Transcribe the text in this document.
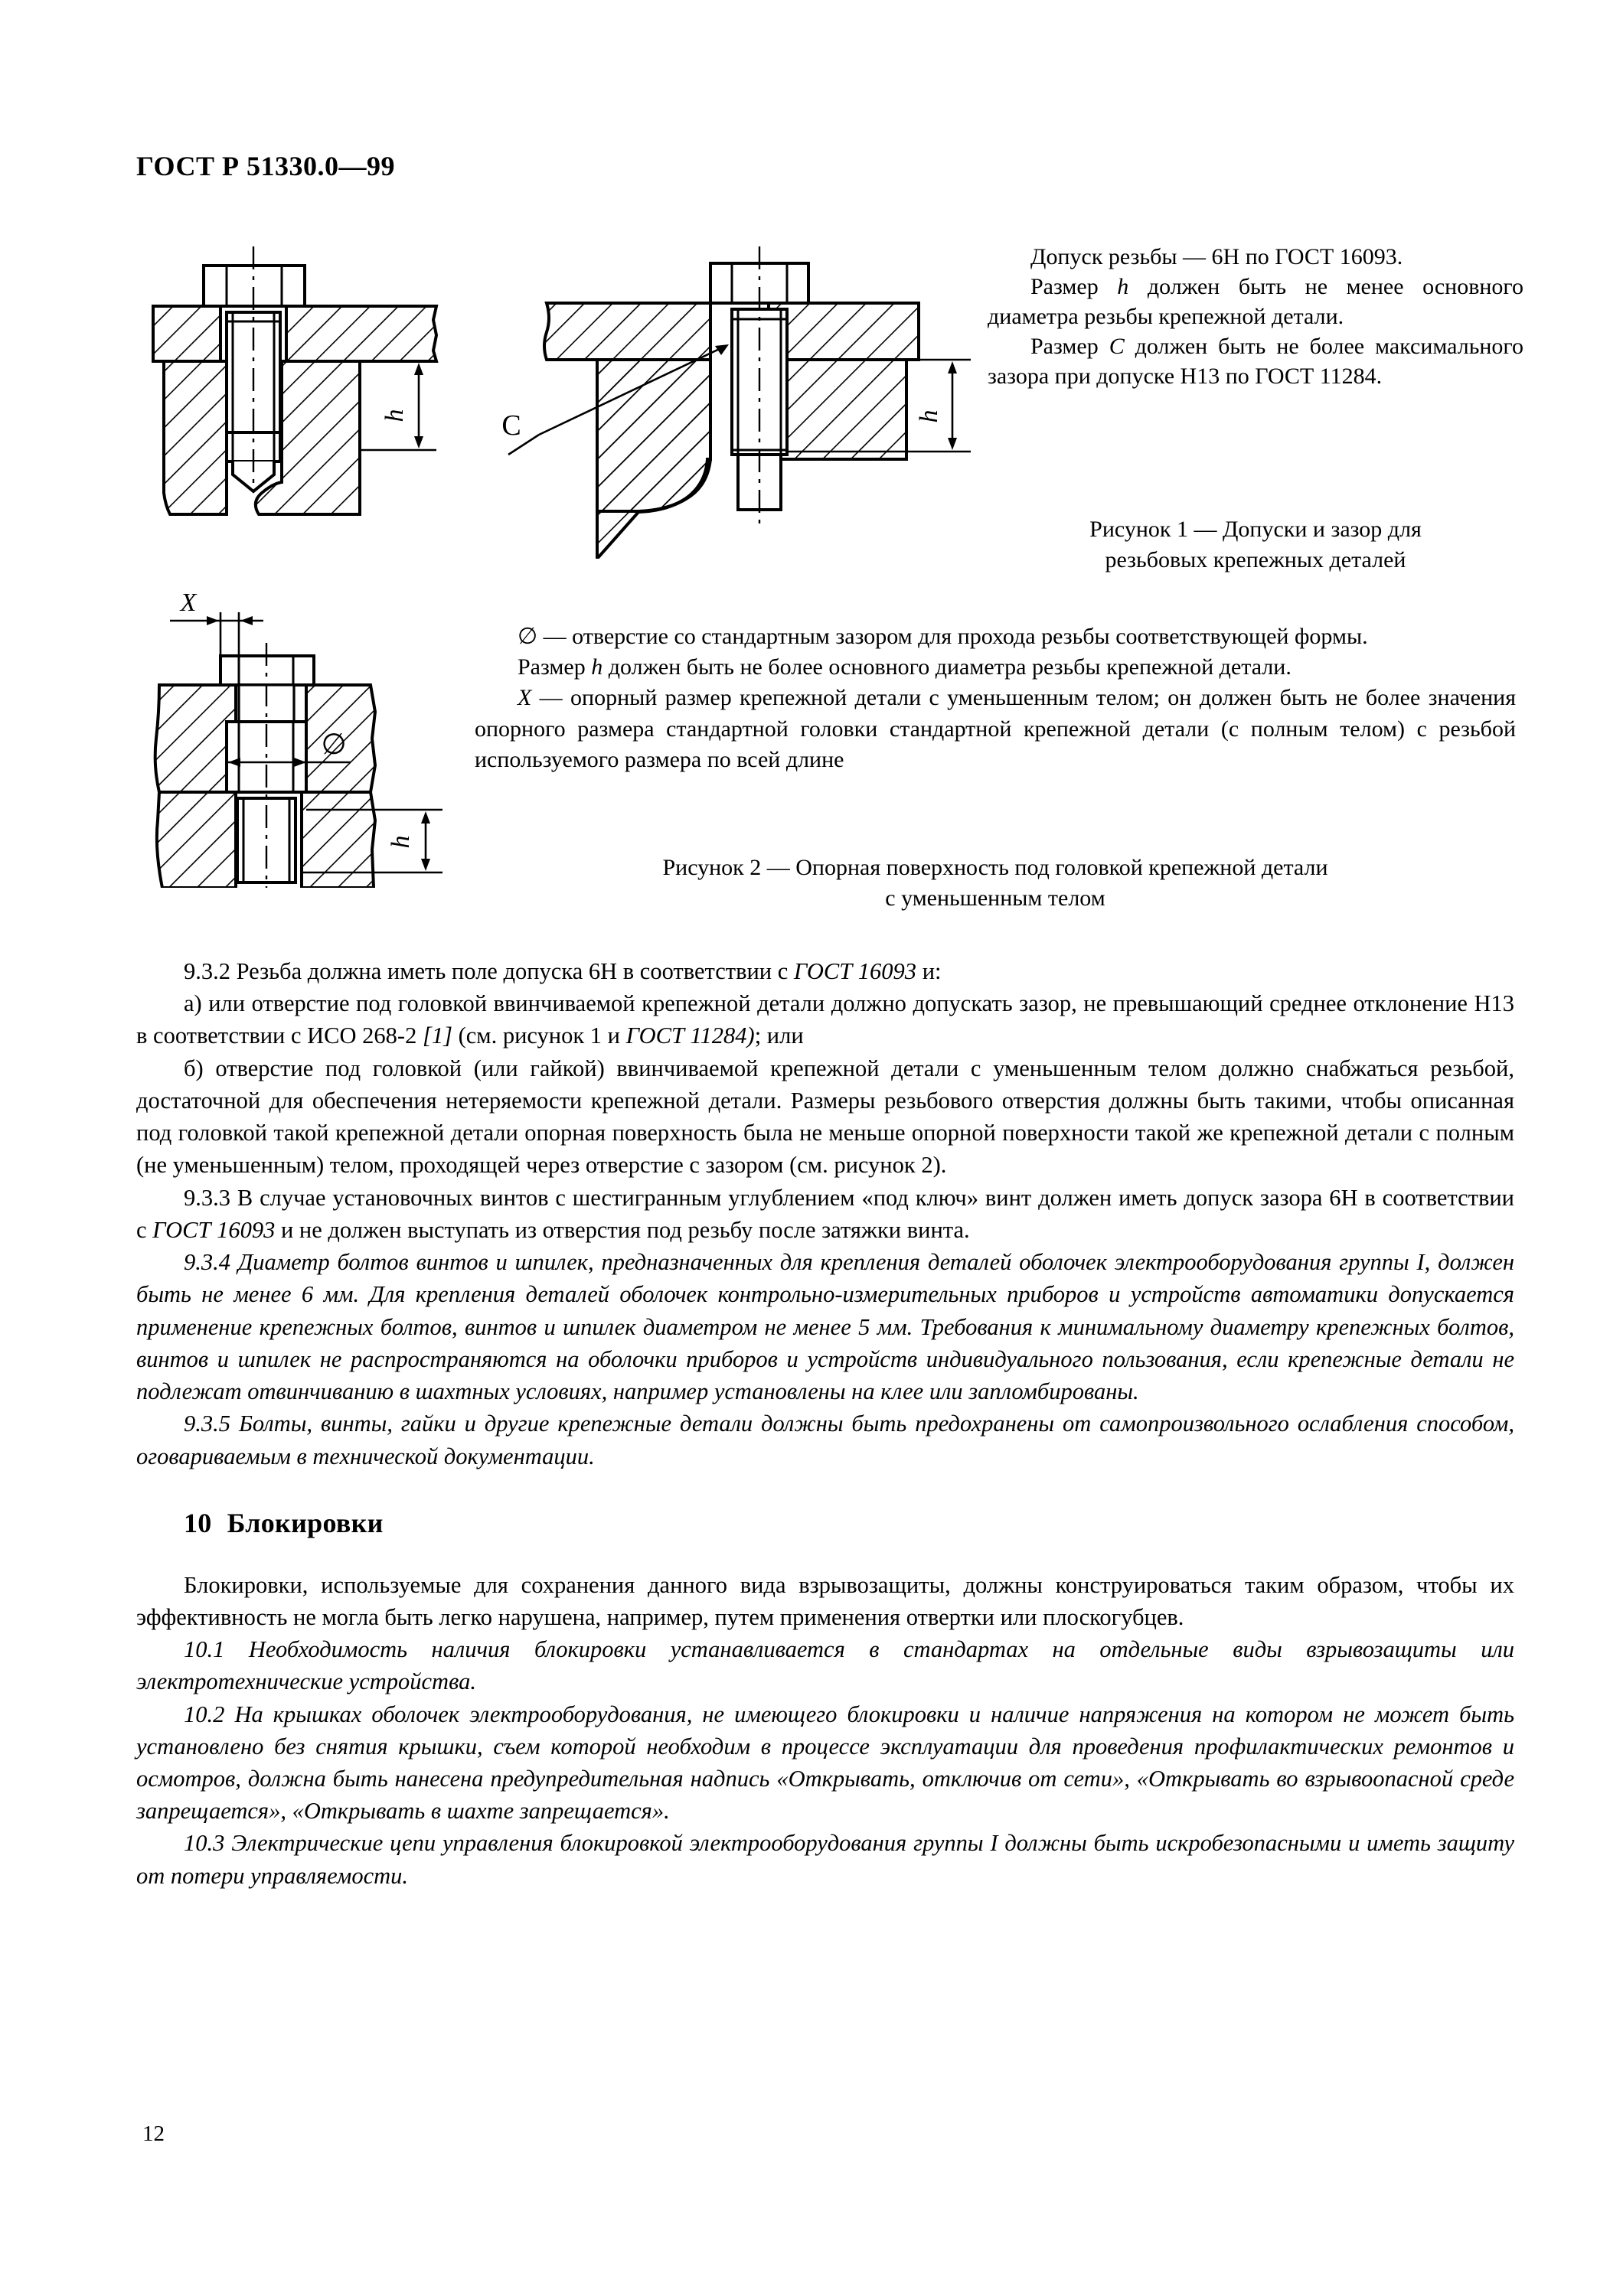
ГОСТ Р 51330.0—99
h	C	h

Допуск резьбы — 6Н по ГОСТ 16093.

Размер h должен быть не менее основного диаметра резьбы крепежной детали.

Размер C должен быть не более максимального зазора при допуске Н13 по ГОСТ 11284.

Рисунок 1 — Допуски и зазор для
резьбовых крепежных деталей
X
∅
h

∅ — отверстие со стандартным зазором для прохода резьбы соответствующей формы.

Размер h должен быть не более основного диаметра резьбы крепежной детали.

X — опорный размер крепежной детали с уменьшенным телом; он должен быть не более значения опорного размера стандартной головки стандартной крепежной детали (с полным телом) с резьбой используемого размера по всей длине

Рисунок 2 — Опорная поверхность под головкой крепежной детали
с уменьшенным телом

9.3.2 Резьба должна иметь поле допуска 6Н в соответствии с ГОСТ 16093 и:

а) или отверстие под головкой ввинчиваемой крепежной детали должно допускать зазор, не превышающий среднее отклонение Н13 в соответствии с ИСО 268-2 [1] (см. рисунок 1 и ГОСТ 11284); или

б) отверстие под головкой (или гайкой) ввинчиваемой крепежной детали с уменьшенным телом должно снабжаться резьбой, достаточной для обеспечения нетеряемости крепежной детали. Размеры резьбового отверстия должны быть такими, чтобы описанная под головкой такой крепежной детали опорная поверхность была не меньше опорной поверхности такой же крепежной детали с полным (не уменьшенным) телом, проходящей через отверстие с зазором (см. рисунок 2).

9.3.3 В случае установочных винтов с шестигранным углублением «под ключ» винт должен иметь допуск зазора 6Н в соответствии с ГОСТ 16093 и не должен выступать из отверстия под резьбу после затяжки винта.

9.3.4 Диаметр болтов винтов и шпилек, предназначенных для крепления деталей оболочек электрооборудования группы I, должен быть не менее 6 мм. Для крепления деталей оболочек контрольно-измерительных приборов и устройств автоматики допускается применение крепежных болтов, винтов и шпилек диаметром не менее 5 мм. Требования к минимальному диаметру крепежных болтов, винтов и шпилек не распространяются на оболочки приборов и устройств индивидуального пользования, если крепежные детали не подлежат отвинчиванию в шахтных условиях, например установлены на клее или запломбированы.

9.3.5 Болты, винты, гайки и другие крепежные детали должны быть предохранены от самопроизвольного ослабления способом, оговариваемым в технической документации.

10 Блокировки

Блокировки, используемые для сохранения данного вида взрывозащиты, должны конструироваться таким образом, чтобы их эффективность не могла быть легко нарушена, например, путем применения отвертки или плоскогубцев.

10.1 Необходимость наличия блокировки устанавливается в стандартах на отдельные виды взрывозащиты или электротехнические устройства.

10.2 На крышках оболочек электрооборудования, не имеющего блокировки и наличие напряжения на котором не может быть установлено без снятия крышки, съем которой необходим в процессе эксплуатации для проведения профилактических ремонтов и осмотров, должна быть нанесена предупредительная надпись «Открывать, отключив от сети», «Открывать во взрывоопасной среде запрещается», «Открывать в шахте запрещается».

10.3 Электрические цепи управления блокировкой электрооборудования группы I должны быть искробезопасными и иметь защиту от потери управляемости.

12
